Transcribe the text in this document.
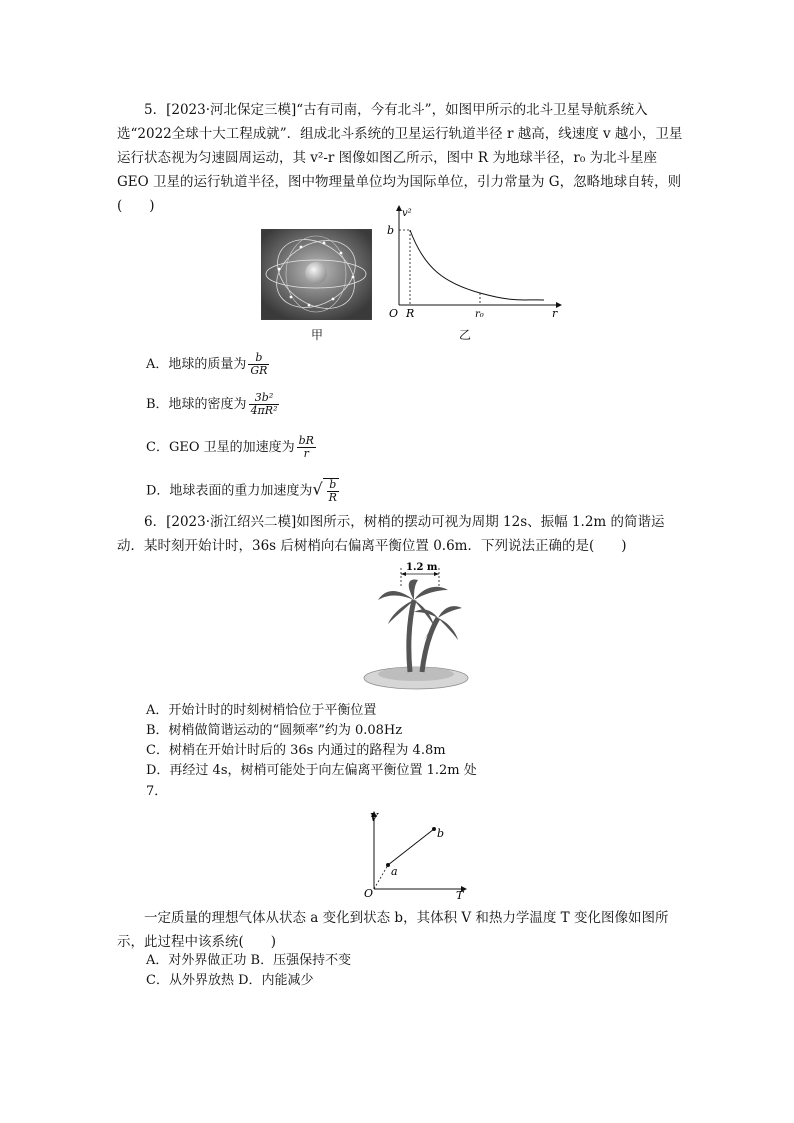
5．[2023·河北保定三模]“古有司南，今有北斗”，如图甲所示的北斗卫星导航系统入选“2022全球十大工程成就”．组成北斗系统的卫星运行轨道半径 r 越高，线速度 v 越小，卫星运行状态视为匀速圆周运动，其 v²-r 图像如图乙所示，图中 R 为地球半径，r₀ 为北斗星座 GEO 卫星的运行轨道半径，图中物理量单位均为国际单位，引力常量为 G，忽略地球自转，则(　　)
甲
v²
b
O R	r₀	r
乙
A．地球的质量为 $\frac{b}{GR}$
B．地球的密度为 $\frac{\text{3b²}}{\text{4πR²}}$
C．GEO 卫星的加速度为 $\frac{bR}{r}$
D．地球表面的重力加速度为√ $\frac{b}{R}$
6．[2023·浙江绍兴二模]如图所示，树梢的摆动可视为周期 12s、振幅 1.2m 的简谐运动．某时刻开始计时，36s 后树梢向右偏离平衡位置 0.6m．下列说法正确的是(　　)
1.2 m
A．开始计时的时刻树梢恰位于平衡位置
B．树梢做简谐运动的“圆频率”约为 0.08Hz
C．树梢在开始计时后的 36s 内通过的路程为 4.8m
D．再经过 4s，树梢可能处于向左偏离平衡位置 1.2m 处
7．
V
O
a
b
T
一定质量的理想气体从状态 a 变化到状态 b，其体积 V 和热力学温度 T 变化图像如图所示，此过程中该系统(　　)
A．对外界做正功 B．压强保持不变
C．从外界放热 D．内能减少
